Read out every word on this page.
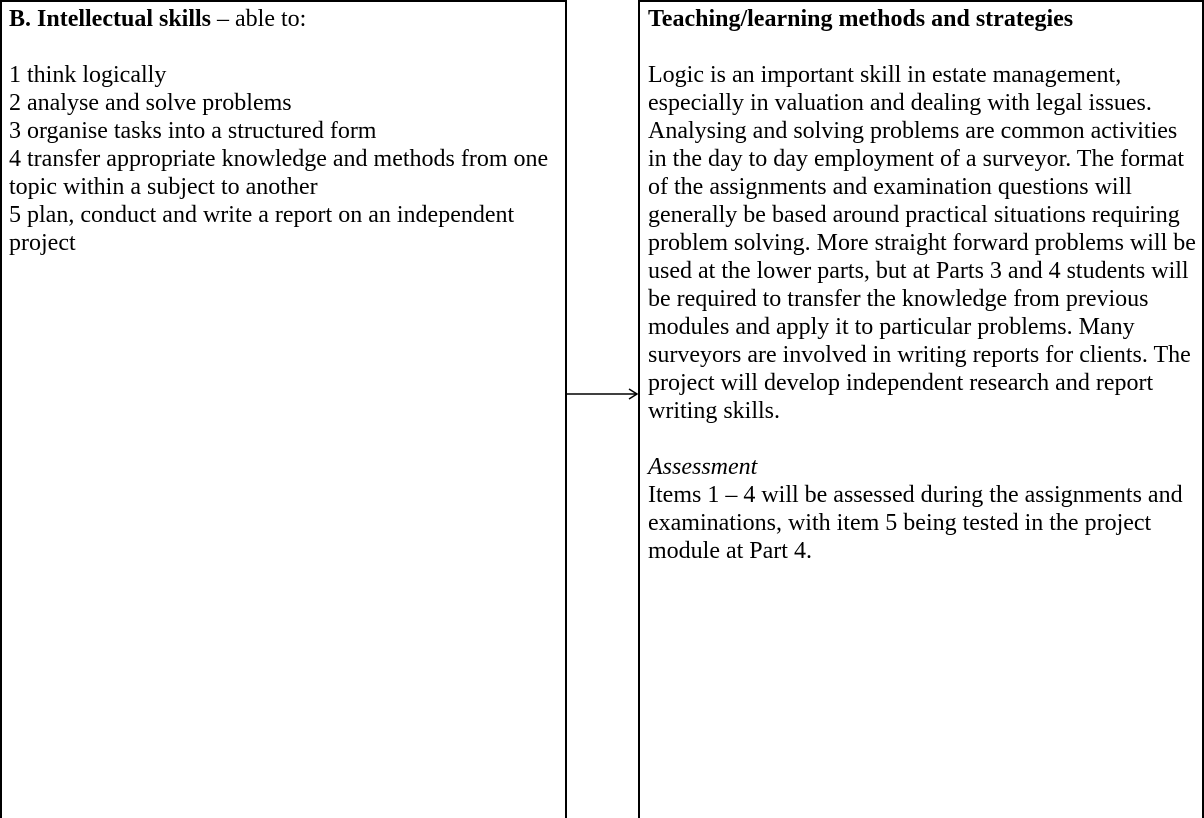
B. Intellectual skills – able to:
1 think logically
2 analyse and solve problems
3 organise tasks into a structured form
4 transfer appropriate knowledge and methods from one topic within a subject to another
5 plan, conduct and write a report on an independent project
Teaching/learning methods and strategies
Logic is an important skill in estate management, especially in valuation and dealing with legal issues. Analysing and solving problems are common activities in the day to day employment of a surveyor. The format of the assignments and examination questions will generally be based around practical situations requiring problem solving. More straight forward problems will be used at the lower parts, but at Parts 3 and 4 students will be required to transfer the knowledge from previous modules and apply it to particular problems. Many surveyors are involved in writing reports for clients. The project will develop independent research and report writing skills.
Assessment
Items 1 – 4 will be assessed during the assignments and examinations, with item 5 being tested in the project module at Part 4.
